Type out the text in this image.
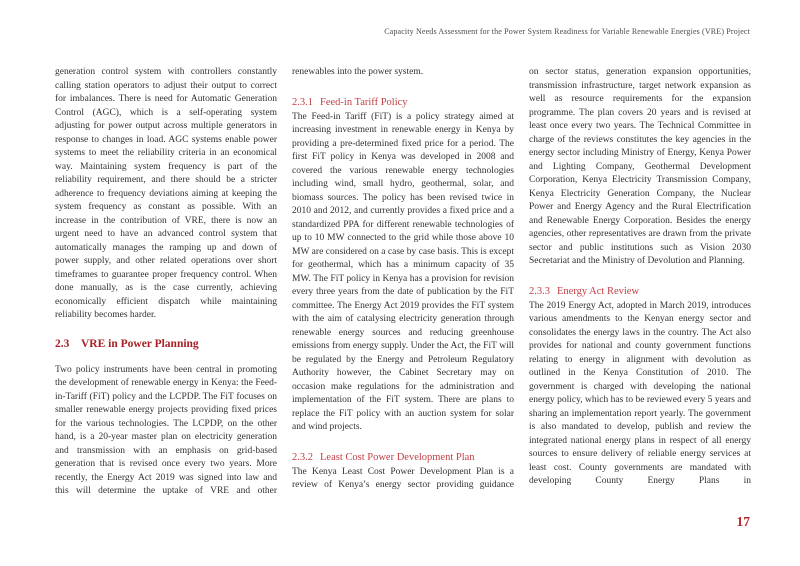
Capacity Needs Assessment for the Power System Readiness for Variable Renewable Energies (VRE) Project

generation control system with controllers constantly calling station operators to adjust their output to correct for imbalances. There is need for Automatic Generation Control (AGC), which is a self-operating system adjusting for power output across multiple generators in response to changes in load. AGC systems enable power systems to meet the reliability criteria in an economical way. Maintaining system frequency is part of the reliability requirement, and there should be a stricter adherence to frequency deviations aiming at keeping the system frequency as constant as possible. With an increase in the contribution of VRE, there is now an urgent need to have an advanced control system that automatically manages the ramping up and down of power supply, and other related operations over short timeframes to guarantee proper frequency control. When done manually, as is the case currently, achieving economically efficient dispatch while maintaining reliability becomes harder.

2.3 VRE in Power Planning

Two policy instruments have been central in promoting the development of renewable energy in Kenya: the Feed-in-Tariff (FiT) policy and the LCPDP. The FiT focuses on smaller renewable energy projects providing fixed prices for the various technologies. The LCPDP, on the other hand, is a 20-year master plan on electricity generation and transmission with an emphasis on grid-based generation that is revised once every two years. More recently, the Energy Act 2019 was signed into law and this will determine the uptake of VRE and other

renewables into the power system.

2.3.1 Feed-in Tariff Policy

The Feed-in Tariff (FiT) is a policy strategy aimed at increasing investment in renewable energy in Kenya by providing a pre-determined fixed price for a period. The first FiT policy in Kenya was developed in 2008 and covered the various renewable energy technologies including wind, small hydro, geothermal, solar, and biomass sources. The policy has been revised twice in 2010 and 2012, and currently provides a fixed price and a standardized PPA for different renewable technologies of up to 10 MW connected to the grid while those above 10 MW are considered on a case by case basis. This is except for geothermal, which has a minimum capacity of 35 MW. The FiT policy in Kenya has a provision for revision every three years from the date of publication by the FiT committee. The Energy Act 2019 provides the FiT system with the aim of catalysing electricity generation through renewable energy sources and reducing greenhouse emissions from energy supply. Under the Act, the FiT will be regulated by the Energy and Petroleum Regulatory Authority however, the Cabinet Secretary may on occasion make regulations for the administration and implementation of the FiT system. There are plans to replace the FiT policy with an auction system for solar and wind projects.

2.3.2 Least Cost Power Development Plan

The Kenya Least Cost Power Development Plan is a review of Kenya’s energy sector providing guidance

on sector status, generation expansion opportunities, transmission infrastructure, target network expansion as well as resource requirements for the expansion programme. The plan covers 20 years and is revised at least once every two years. The Technical Committee in charge of the reviews constitutes the key agencies in the energy sector including Ministry of Energy, Kenya Power and Lighting Company, Geothermal Development Corporation, Kenya Electricity Transmission Company, Kenya Electricity Generation Company, the Nuclear Power and Energy Agency and the Rural Electrification and Renewable Energy Corporation. Besides the energy agencies, other representatives are drawn from the private sector and public institutions such as Vision 2030 Secretariat and the Ministry of Devolution and Planning.

2.3.3 Energy Act Review

The 2019 Energy Act, adopted in March 2019, introduces various amendments to the Kenyan energy sector and consolidates the energy laws in the country. The Act also provides for national and county government functions relating to energy in alignment with devolution as outlined in the Kenya Constitution of 2010. The government is charged with developing the national energy policy, which has to be reviewed every 5 years and sharing an implementation report yearly. The government is also mandated to develop, publish and review the integrated national energy plans in respect of all energy sources to ensure delivery of reliable energy services at least cost. County governments are mandated with developing County Energy Plans in

17
